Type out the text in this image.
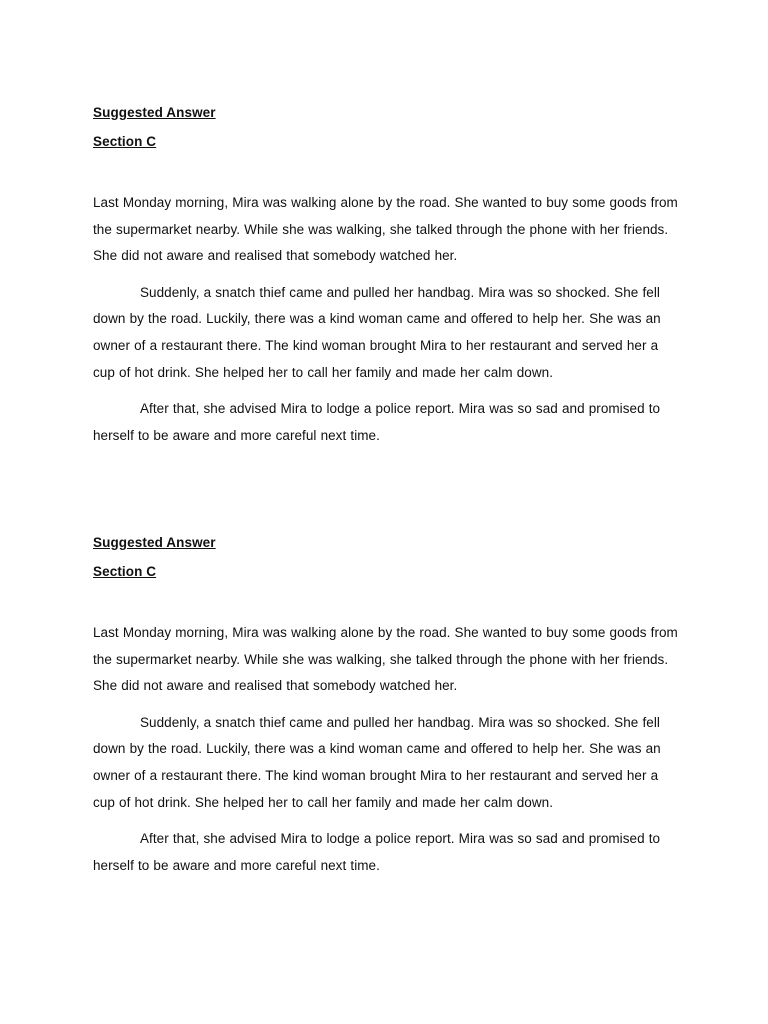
Suggested Answer

Section C

Last Monday morning, Mira was walking alone by the road. She wanted to buy some goods from the supermarket nearby. While she was walking, she talked through the phone with her friends. She did not aware and realised that somebody watched her.

Suddenly, a snatch thief came and pulled her handbag. Mira was so shocked. She fell down by the road. Luckily, there was a kind woman came and offered to help her. She was an owner of a restaurant there. The kind woman brought Mira to her restaurant and served her a cup of hot drink. She helped her to call her family and made her calm down.

After that, she advised Mira to lodge a police report. Mira was so sad and promised to herself to be aware and more careful next time.

Suggested Answer

Section C

Last Monday morning, Mira was walking alone by the road. She wanted to buy some goods from the supermarket nearby. While she was walking, she talked through the phone with her friends. She did not aware and realised that somebody watched her.

Suddenly, a snatch thief came and pulled her handbag. Mira was so shocked. She fell down by the road. Luckily, there was a kind woman came and offered to help her. She was an owner of a restaurant there. The kind woman brought Mira to her restaurant and served her a cup of hot drink. She helped her to call her family and made her calm down.

After that, she advised Mira to lodge a police report. Mira was so sad and promised to herself to be aware and more careful next time.
